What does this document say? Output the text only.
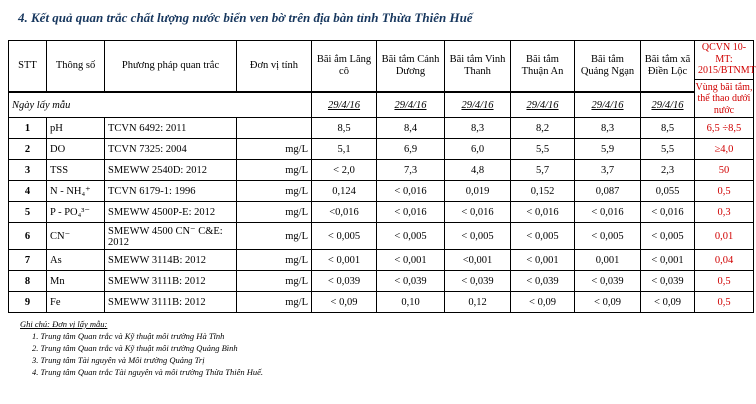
4. Kết quả quan trắc chất lượng nước biển ven bờ trên địa bàn tỉnh Thừa Thiên Huế
STT	Thông số	Phương pháp quan trắc	Đơn vị tính	Bãi ắm Lăng cô	Bãi tắm Cảnh Dương	Bãi tắm Vinh Thanh	Bãi tắm Thuận An	Bãi tắm Quảng Ngạn	Bãi tắm xã Điền Lộc	QCVN 10-MT: 2015/BTNMT
Vùng bãi tắm, thể thao dưới nước

Ngày lấy mẫu				29/4/16	29/4/16	29/4/16	29/4/16	29/4/16	29/4/16	
1	pH	TCVN 6492: 2011		8,5	8,4	8,3	8,2	8,3	8,5	6,5 ÷8,5
2	DO	TCVN 7325: 2004	mg/L	5,1	6,9	6,0	5,5	5,9	5,5	≥4,0
3	TSS	SMEWW 2540D: 2012	mg/L	< 2,0	7,3	4,8	5,7	3,7	2,3	50
4	N - NH₄⁺	TCVN 6179-1: 1996	mg/L	0,124	< 0,016	0,019	0,152	0,087	0,055	0,5
5	P - PO₄³⁻	SMEWW 4500P-E: 2012	mg/L	<0,016	< 0,016	< 0,016	< 0,016	< 0,016	< 0,016	0,3
6	CN⁻	SMEWW 4500 CN⁻ C&E: 2012	mg/L	< 0,005	< 0,005	< 0,005	< 0,005	< 0,005	< 0,005	0,01
7	As	SMEWW 3114B: 2012	mg/L	< 0,001	< 0,001	<0,001	< 0,001	0,001	< 0,001	0,04
8	Mn	SMEWW 3111B: 2012	mg/L	< 0,039	< 0,039	< 0,039	< 0,039	< 0,039	< 0,039	0,5
9	Fe	SMEWW 3111B: 2012	mg/L	< 0,09	0,10	0,12	< 0,09	< 0,09	< 0,09	0,5
Ghi chú: Đơn vị lấy mẫu:
1. Trung tâm Quan trắc và Kỹ thuật môi trường Hà Tĩnh
2. Trung tâm Quan trắc và Kỹ thuật môi trường Quảng Bình
3. Trung tâm Tài nguyên và Môi trường Quảng Trị
4. Trung tâm Quan trắc Tài nguyên và môi trường Thừa Thiên Huế.
